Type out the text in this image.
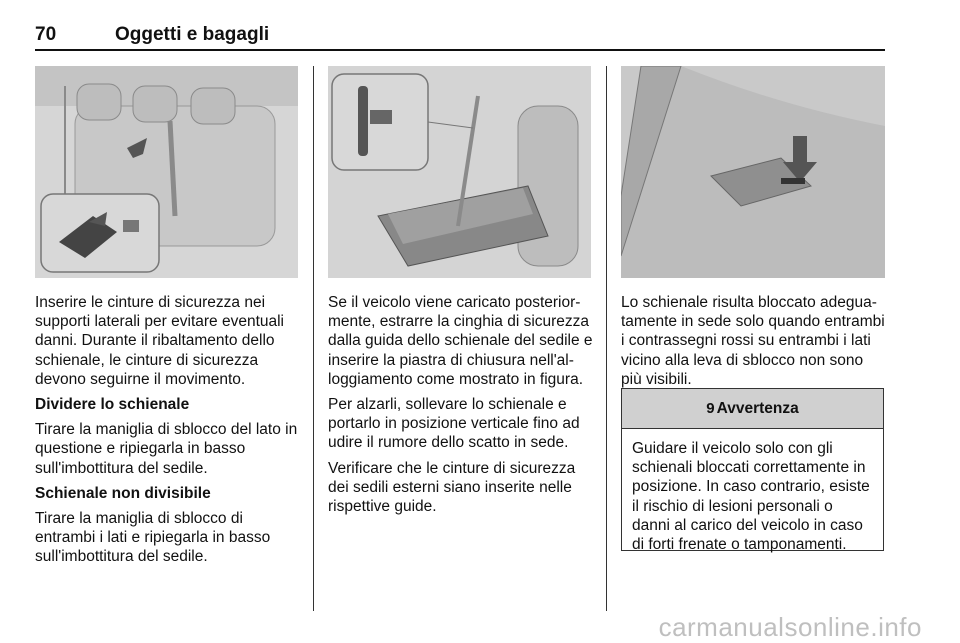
70	Oggetti e bagagli

Inserire le cinture di sicurezza nei supporti laterali per evitare eventuali danni. Durante il ribaltamento dello schienale, le cinture di sicurezza devono seguirne il movimento.

Dividere lo schienale

Tirare la maniglia di sblocco del lato in questione e ripiegarla in basso sull'imbottitura del sedile.

Schienale non divisibile

Tirare la maniglia di sblocco di entrambi i lati e ripiegarla in basso sull'imbottitura del sedile.

Se il veicolo viene caricato posterior-mente, estrarre la cinghia di sicurezza dalla guida dello schienale del sedile e inserire la piastra di chiusura nell'al-loggiamento come mostrato in figura.

Per alzarli, sollevare lo schienale e portarlo in posizione verticale fino ad udire il rumore dello scatto in sede.

Verificare che le cinture di sicurezza dei sedili esterni siano inserite nelle rispettive guide.

Lo schienale risulta bloccato adegua-tamente in sede solo quando entrambi i contrassegni rossi su entrambi i lati vicino alla leva di sblocco non sono più visibili.

9 Avvertenza
Guidare il veicolo solo con gli schienali bloccati correttamente in posizione. In caso contrario, esiste il rischio di lesioni personali o danni al carico del veicolo in caso di forti frenate o tamponamenti.
carmanualsonline.info
